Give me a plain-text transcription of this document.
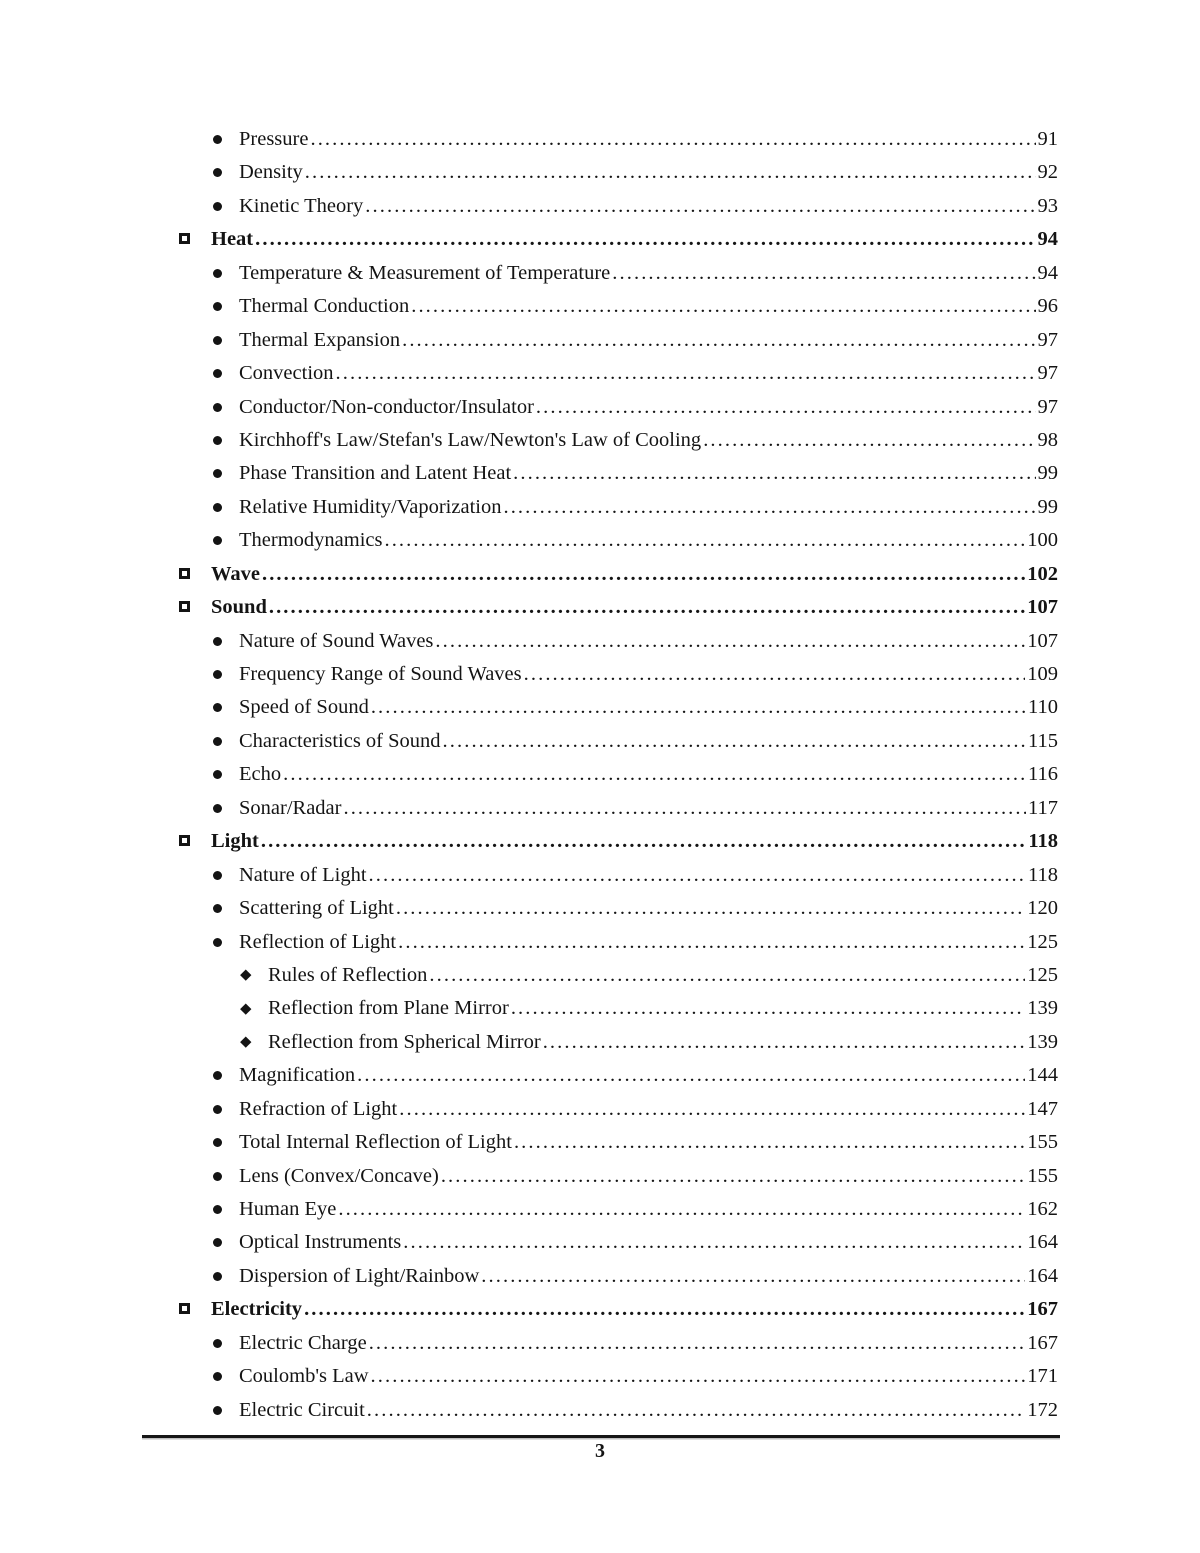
Pressure .....	91
Density .....	92
Kinetic Theory .....	93
Heat .....	94
Temperature & Measurement of Temperature .....	94
Thermal Conduction .....	96
Thermal Expansion .....	97
Convection .....	97
Conductor/Non-conductor/Insulator .....	97
Kirchhoff's Law/Stefan's Law/Newton's Law of Cooling .....	98
Phase Transition and Latent Heat .....	99
Relative Humidity/Vaporization .....	99
Thermodynamics .....	100
Wave .....	102
Sound .....	107
Nature of Sound Waves .....	107
Frequency Range of Sound Waves .....	109
Speed of Sound .....	110
Characteristics of Sound .....	115
Echo .....	116
Sonar/Radar .....	117
Light .....	118
Nature of Light .....	118
Scattering of Light .....	120
Reflection of Light .....	125
Rules of Reflection .....	125
Reflection from Plane Mirror .....	139
Reflection from Spherical Mirror .....	139
Magnification .....	144
Refraction of Light .....	147
Total Internal Reflection of Light .....	155
Lens (Convex/Concave) .....	155
Human Eye .....	162
Optical Instruments .....	164
Dispersion of Light/Rainbow .....	164
Electricity .....	167
Electric Charge .....	167
Coulomb's Law .....	171
Electric Circuit .....	172
3
